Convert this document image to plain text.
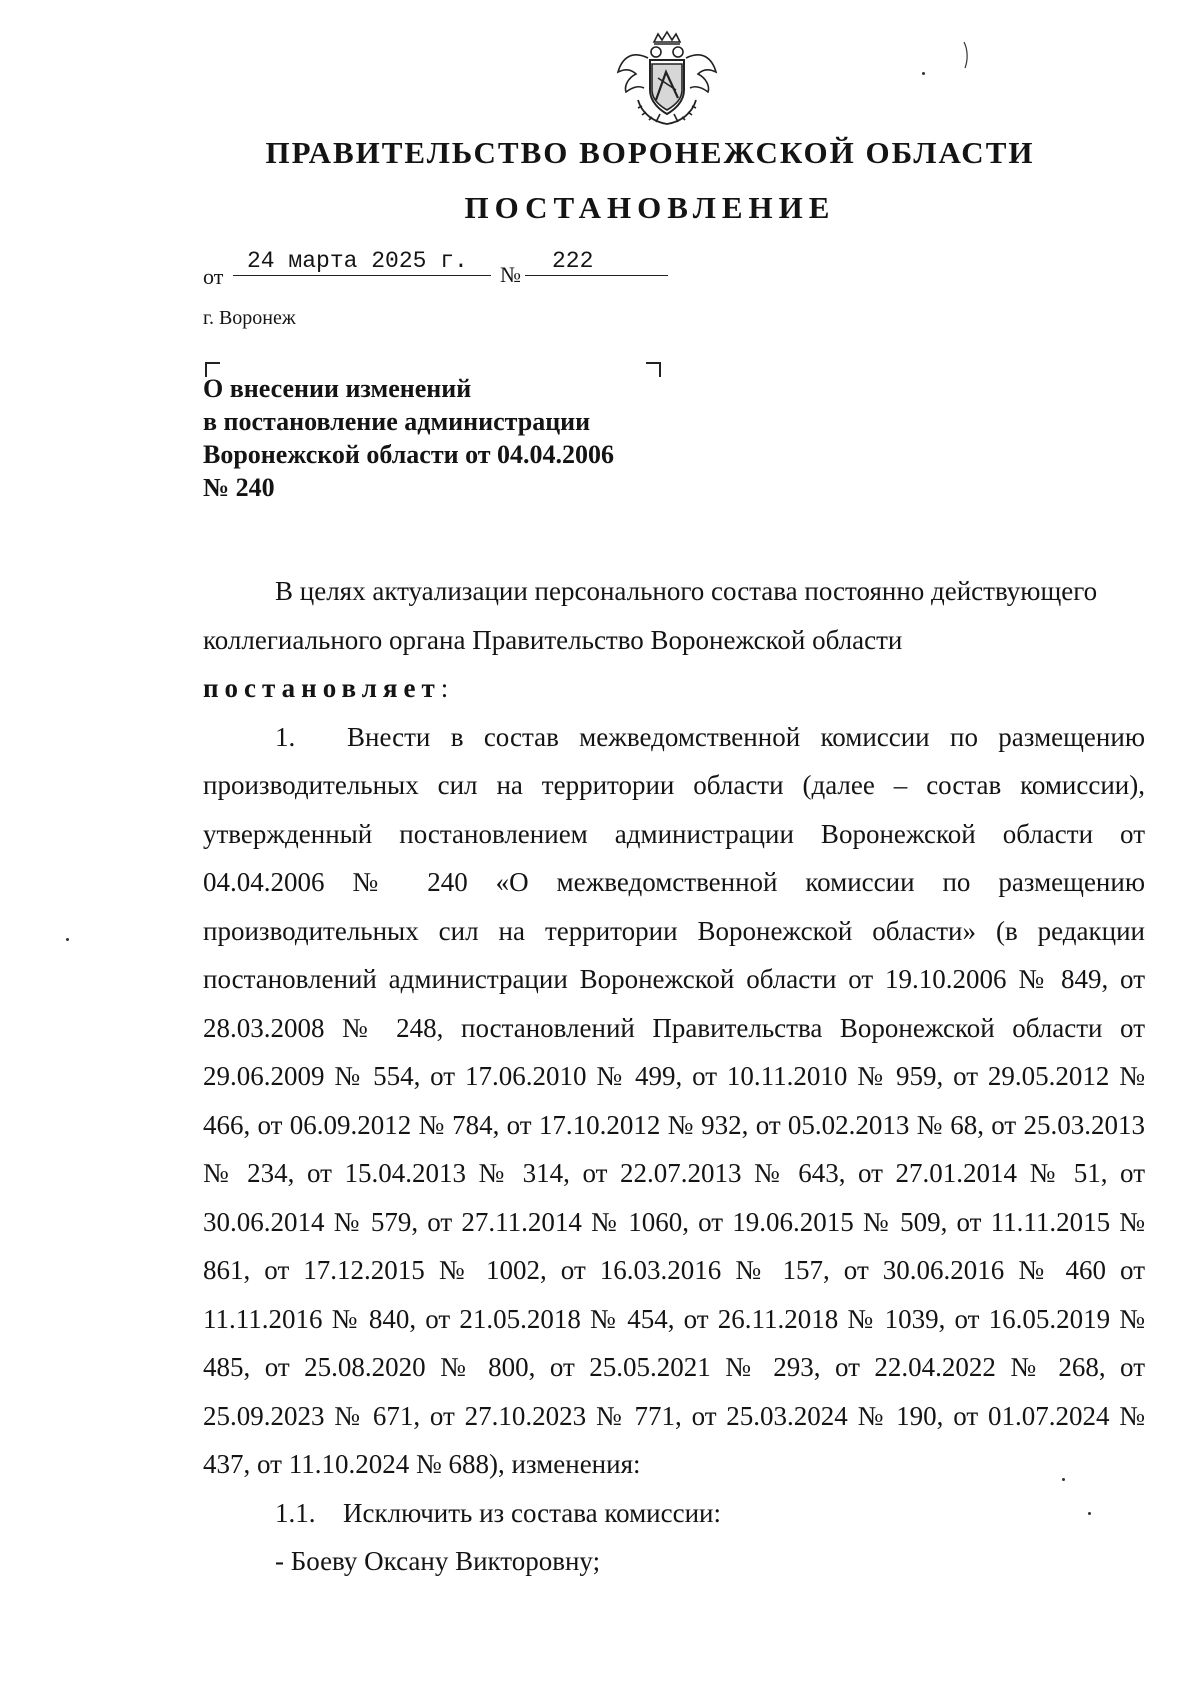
ПРАВИТЕЛЬСТВО ВОРОНЕЖСКОЙ ОБЛАСТИ
ПОСТАНОВЛЕНИЕ
от
24 марта 2025 г.
№
222

г. Воронеж

О внесении изменений
в постановление администрации
Воронежской области от 04.04.2006
№ 240

В целях актуализации персонального состава постоянно действующего

коллегиального органа Правительство Воронежской области

постановляет:

1. Внести в состав межведомственной комиссии по размещению производительных сил на территории области (далее – состав комиссии), утвержденный постановлением администрации Воронежской области от 04.04.2006 № 240 «О межведомственной комиссии по размещению производительных сил на территории Воронежской области» (в редакции постановлений администрации Воронежской области от 19.10.2006 № 849, от 28.03.2008 № 248, постановлений Правительства Воронежской области от 29.06.2009 № 554, от 17.06.2010 № 499, от 10.11.2010 № 959, от 29.05.2012 № 466, от 06.09.2012 № 784, от 17.10.2012 № 932, от 05.02.2013 № 68, от 25.03.2013 № 234, от 15.04.2013 № 314, от 22.07.2013 № 643, от 27.01.2014 № 51, от 30.06.2014 № 579, от 27.11.2014 № 1060, от 19.06.2015 № 509, от 11.11.2015 № 861, от 17.12.2015 № 1002, от 16.03.2016 № 157, от 30.06.2016 № 460 от 11.11.2016 № 840, от 21.05.2018 № 454, от 26.11.2018 № 1039, от 16.05.2019 № 485, от 25.08.2020 № 800, от 25.05.2021 № 293, от 22.04.2022 № 268, от 25.09.2023 № 671, от 27.10.2023 № 771, от 25.03.2024 № 190, от 01.07.2024 № 437, от 11.10.2024 № 688), изменения:

1.1. Исключить из состава комиссии:

- Боеву Оксану Викторовну;
